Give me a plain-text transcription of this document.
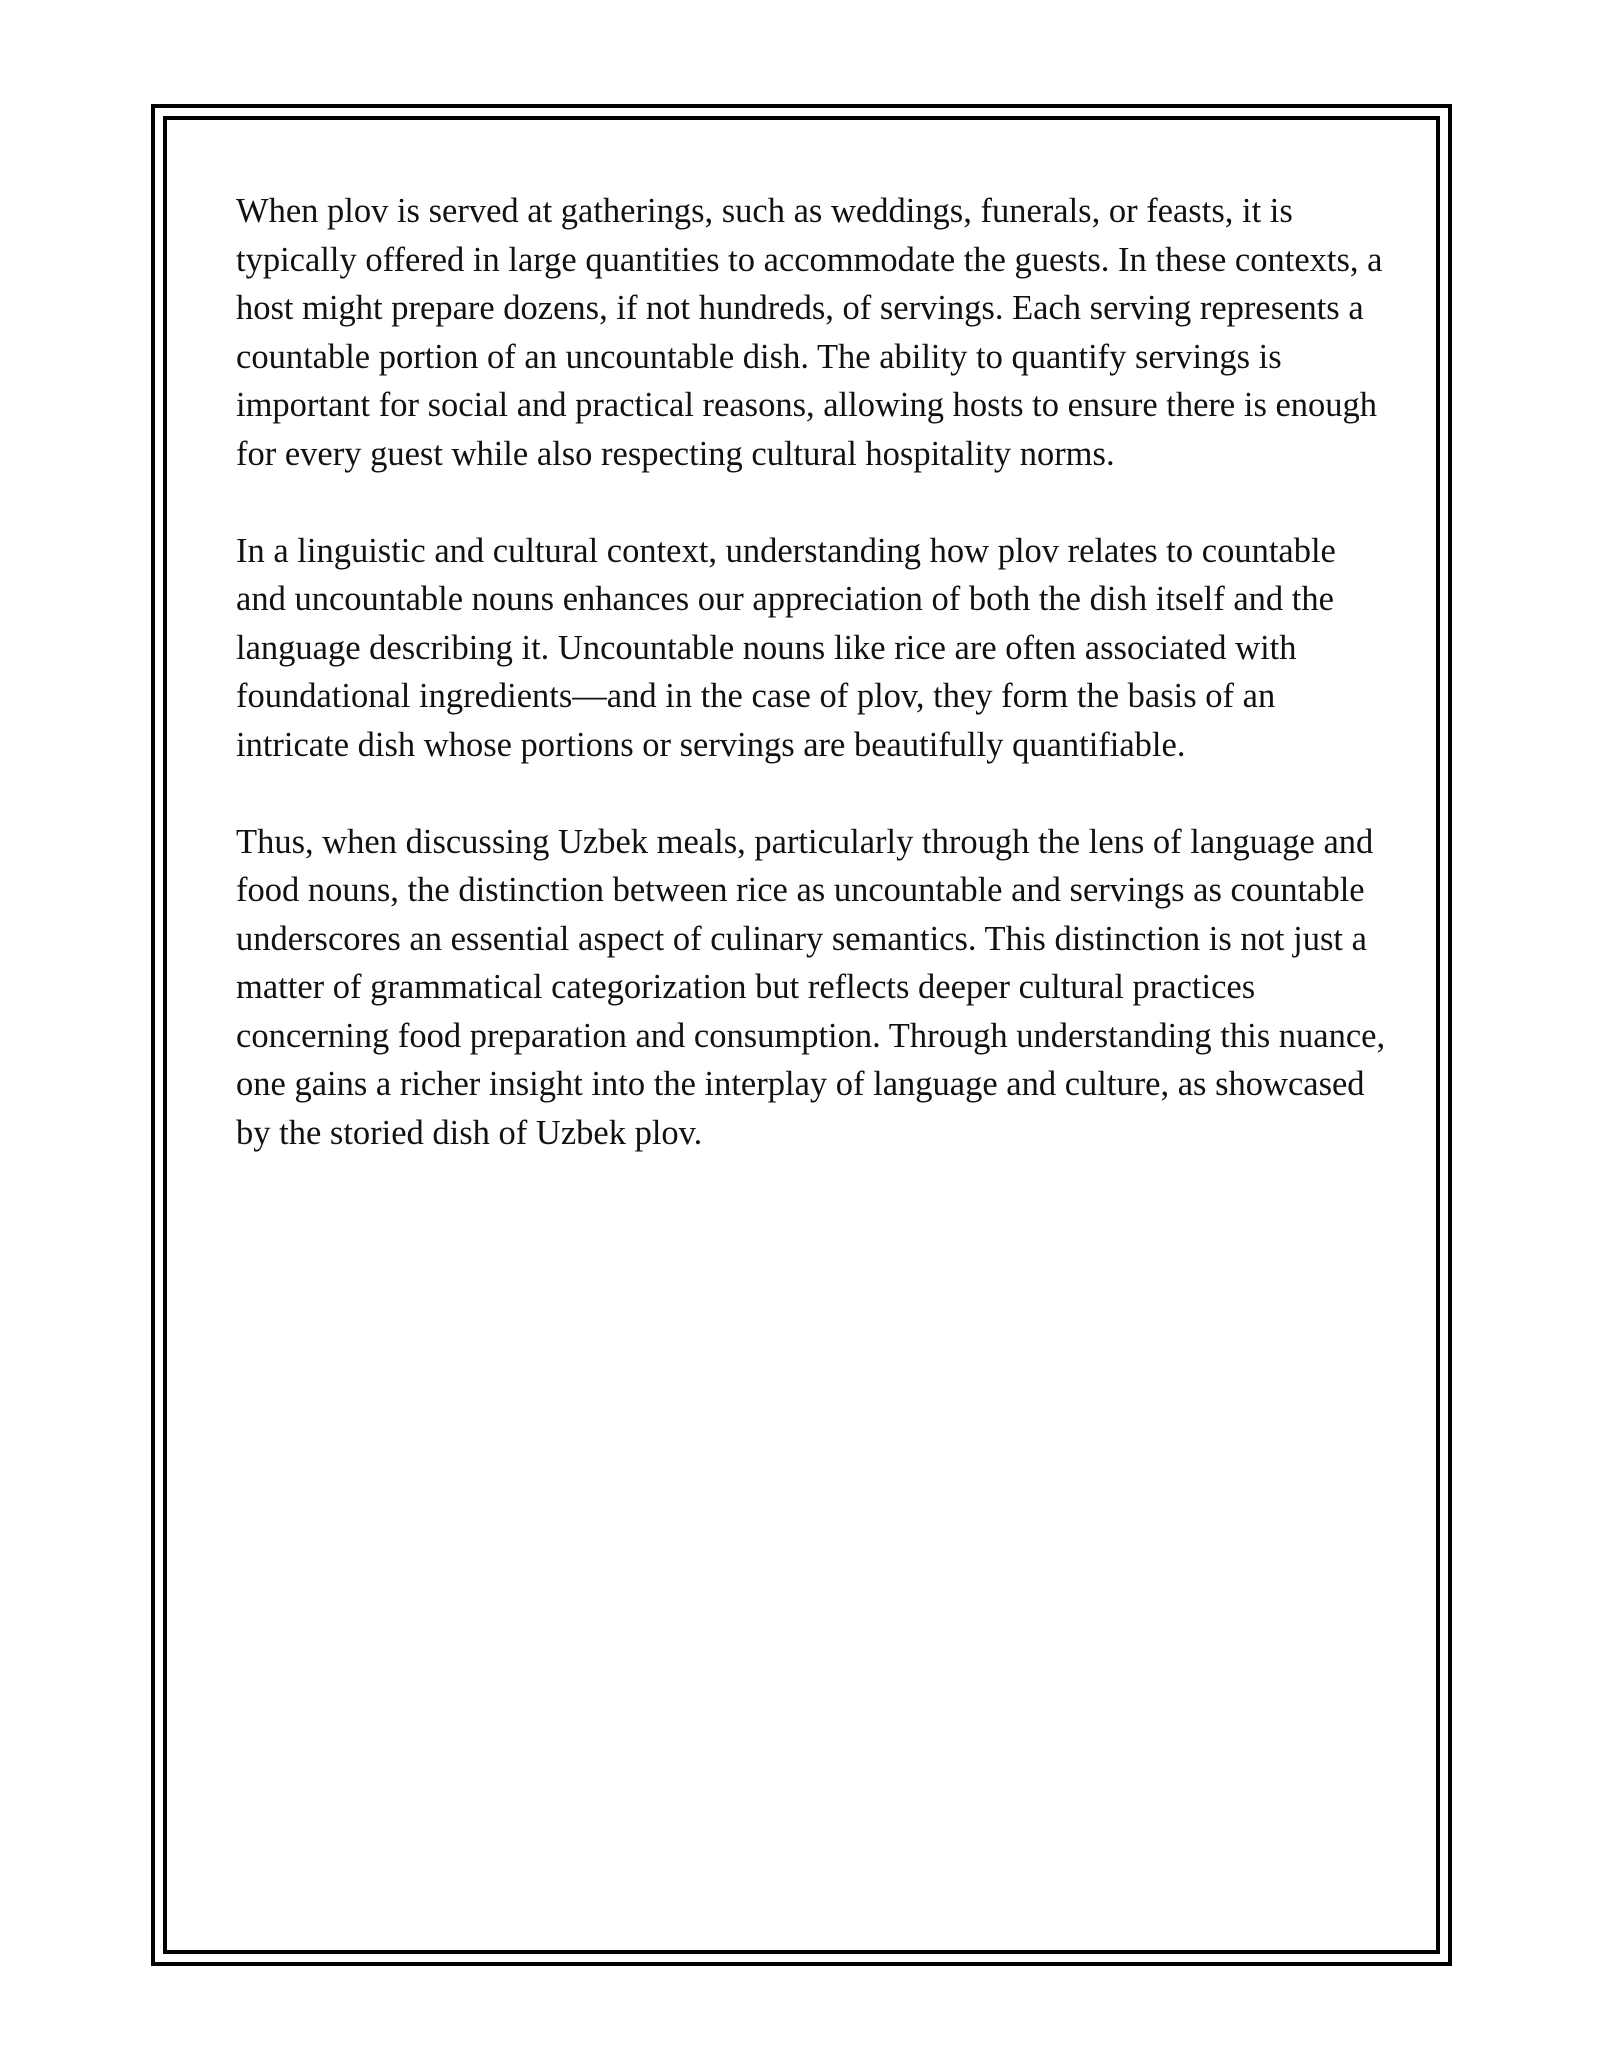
When plov is served at gatherings, such as weddings, funerals, or feasts, it is typically offered in large quantities to accommodate the guests. In these contexts, a host might prepare dozens, if not hundreds, of servings. Each serving represents a countable portion of an uncountable dish. The ability to quantify servings is important for social and practical reasons, allowing hosts to ensure there is enough for every guest while also respecting cultural hospitality norms.

In a linguistic and cultural context, understanding how plov relates to countable and uncountable nouns enhances our appreciation of both the dish itself and the language describing it. Uncountable nouns like rice are often associated with foundational ingredients—and in the case of plov, they form the basis of an intricate dish whose portions or servings are beautifully quantifiable.

Thus, when discussing Uzbek meals, particularly through the lens of language and food nouns, the distinction between rice as uncountable and servings as countable underscores an essential aspect of culinary semantics. This distinction is not just a matter of grammatical categorization but reflects deeper cultural practices concerning food preparation and consumption. Through understanding this nuance, one gains a richer insight into the interplay of language and culture, as showcased by the storied dish of Uzbek plov.
